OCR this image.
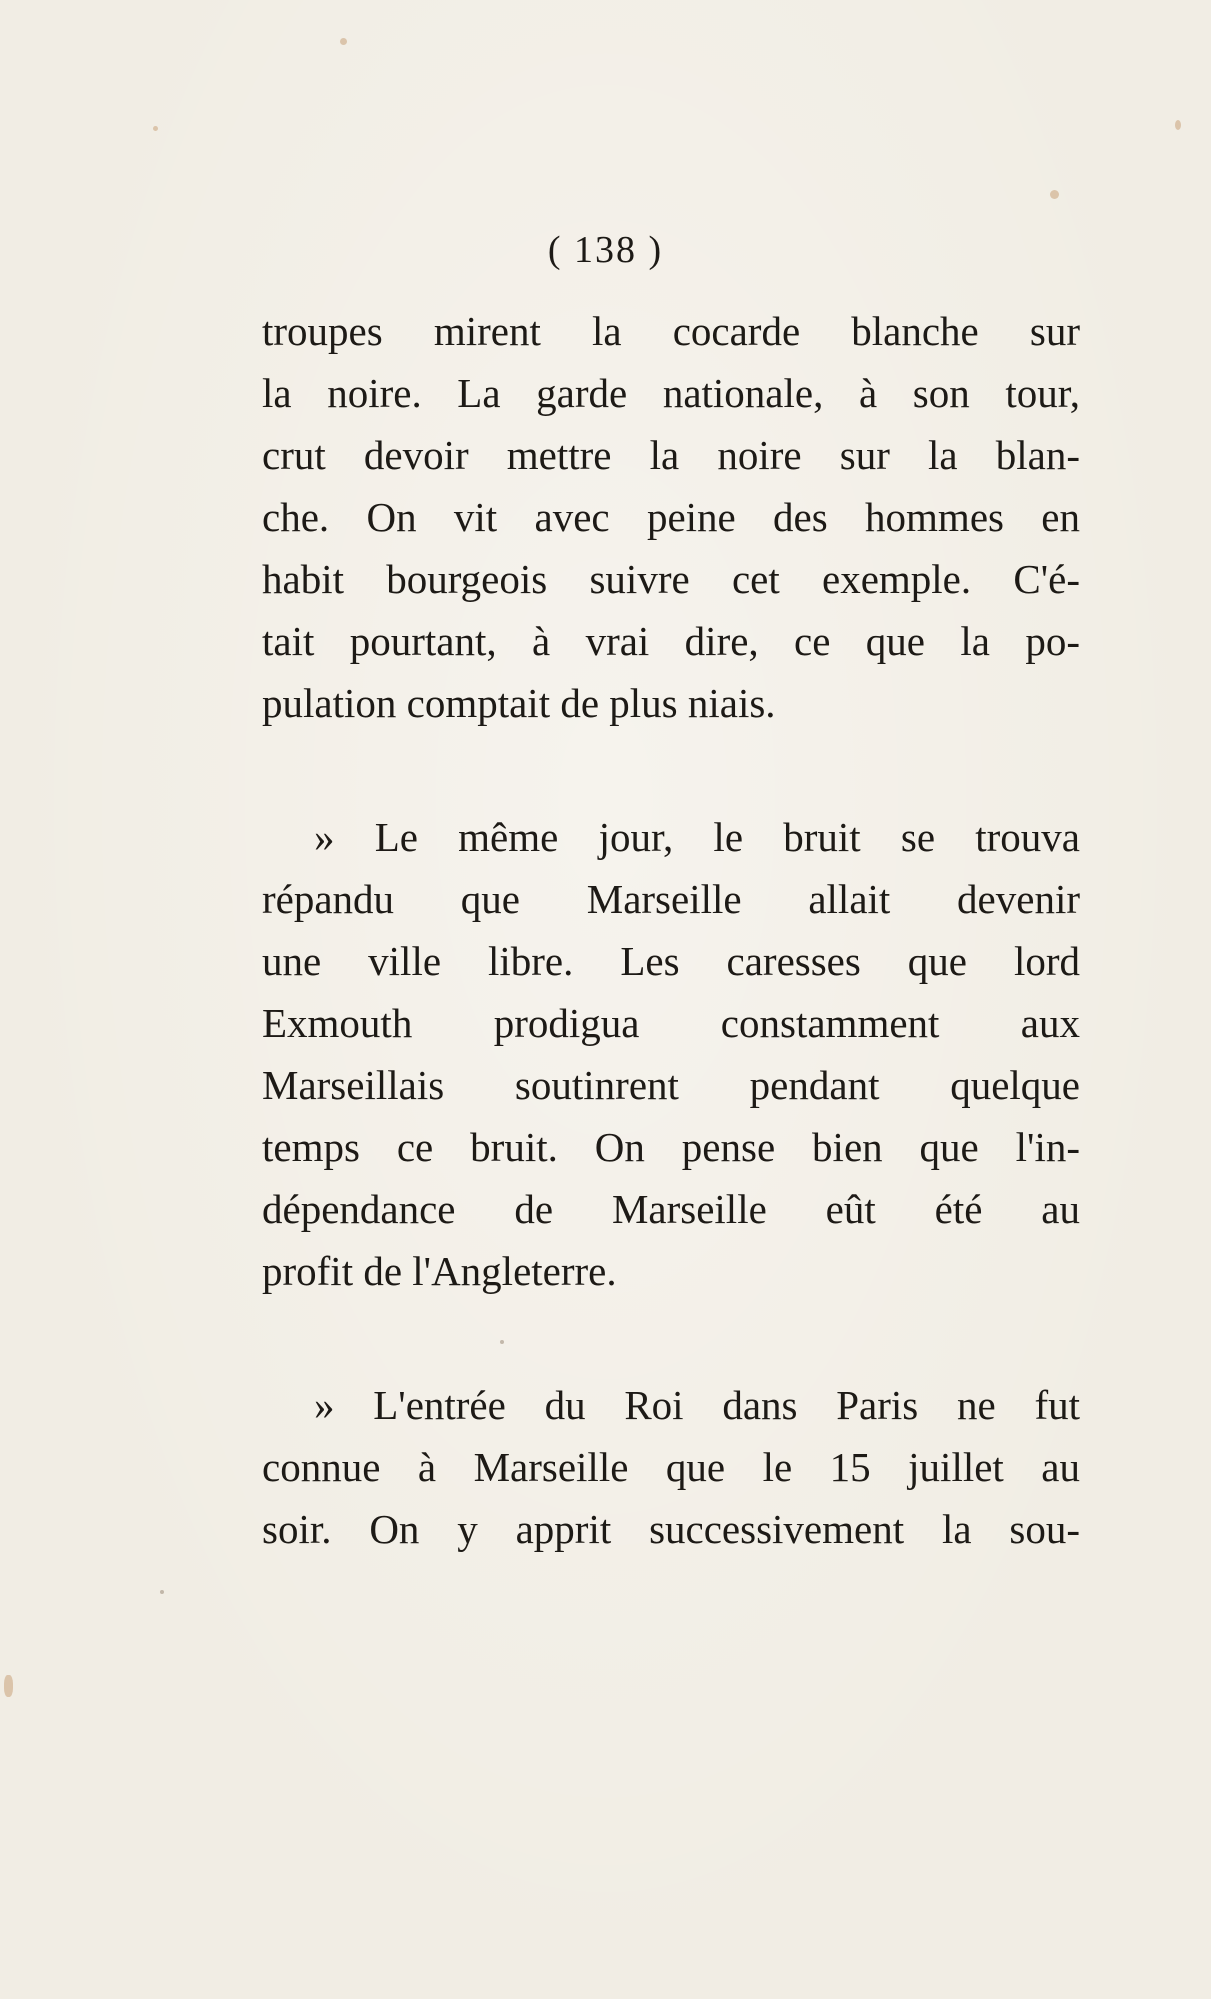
( 138 )
troupes mirent la cocarde blanche sur
la noire. La garde nationale, à son tour,
crut devoir mettre la noire sur la blan-
che. On vit avec peine des hommes en
habit bourgeois suivre cet exemple. C'é-
tait pourtant, à vrai dire, ce que la po-
pulation comptait de plus niais.
» Le même jour, le bruit se trouva
répandu que Marseille allait devenir
une ville libre. Les caresses que lord
Exmouth prodigua constamment aux
Marseillais soutinrent pendant quelque
temps ce bruit. On pense bien que l'in-
dépendance de Marseille eût été au
profit de l'Angleterre.
» L'entrée du Roi dans Paris ne fut
connue à Marseille que le 15 juillet au
soir. On y apprit successivement la sou-
